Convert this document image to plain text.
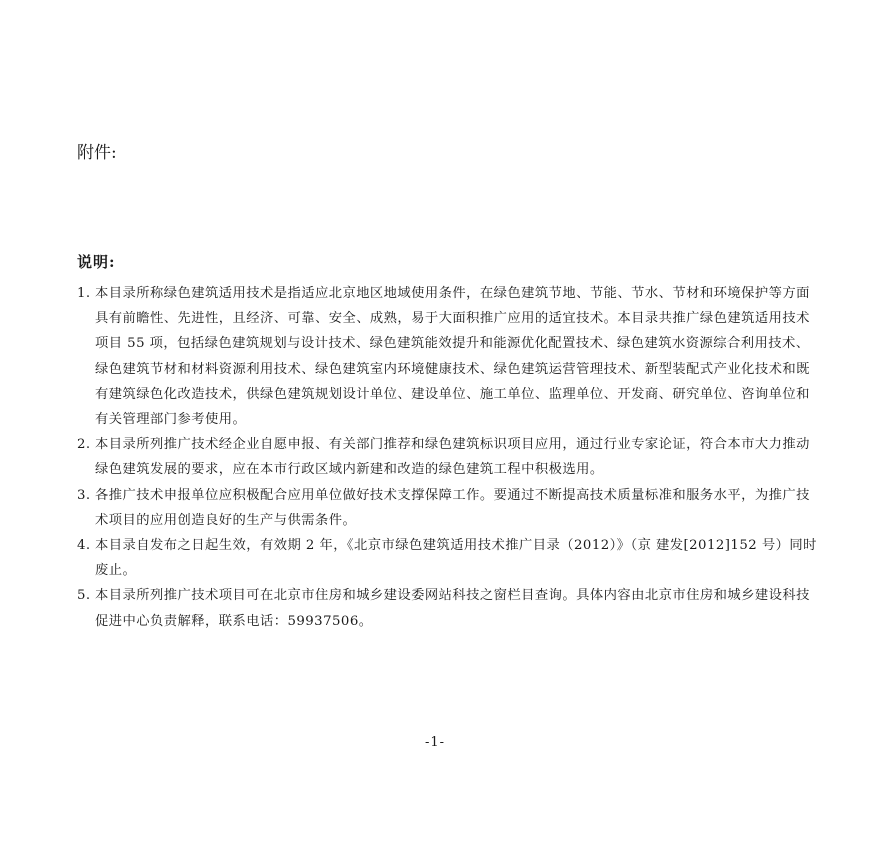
附件:
说明:
1. 本目录所称绿色建筑适用技术是指适应北京地区地域使用条件，在绿色建筑节地、节能、节水、节材和环境保护等方面具有前瞻性、先进性，且经济、可靠、安全、成熟，易于大面积推广应用的适宜技术。本目录共推广绿色建筑适用技术项目 55 项，包括绿色建筑规划与设计技术、绿色建筑能效提升和能源优化配置技术、绿色建筑水资源综合利用技术、绿色建筑节材和材料资源利用技术、绿色建筑室内环境健康技术、绿色建筑运营管理技术、新型装配式产业化技术和既有建筑绿色化改造技术，供绿色建筑规划设计单位、建设单位、施工单位、监理单位、开发商、研究单位、咨询单位和有关管理部门参考使用。
2. 本目录所列推广技术经企业自愿申报、有关部门推荐和绿色建筑标识项目应用，通过行业专家论证，符合本市大力推动绿色建筑发展的要求，应在本市行政区域内新建和改造的绿色建筑工程中积极选用。
3. 各推广技术申报单位应积极配合应用单位做好技术支撑保障工作。要通过不断提高技术质量标准和服务水平，为推广技术项目的应用创造良好的生产与供需条件。
4. 本目录自发布之日起生效，有效期 2 年，《北京市绿色建筑适用技术推广目录（2012）》（京 建发[2012]152 号）同时废止。
5. 本目录所列推广技术项目可在北京市住房和城乡建设委网站科技之窗栏目查询。具体内容由北京市住房和城乡建设科技促进中心负责解释，联系电话：59937506。
-1-
